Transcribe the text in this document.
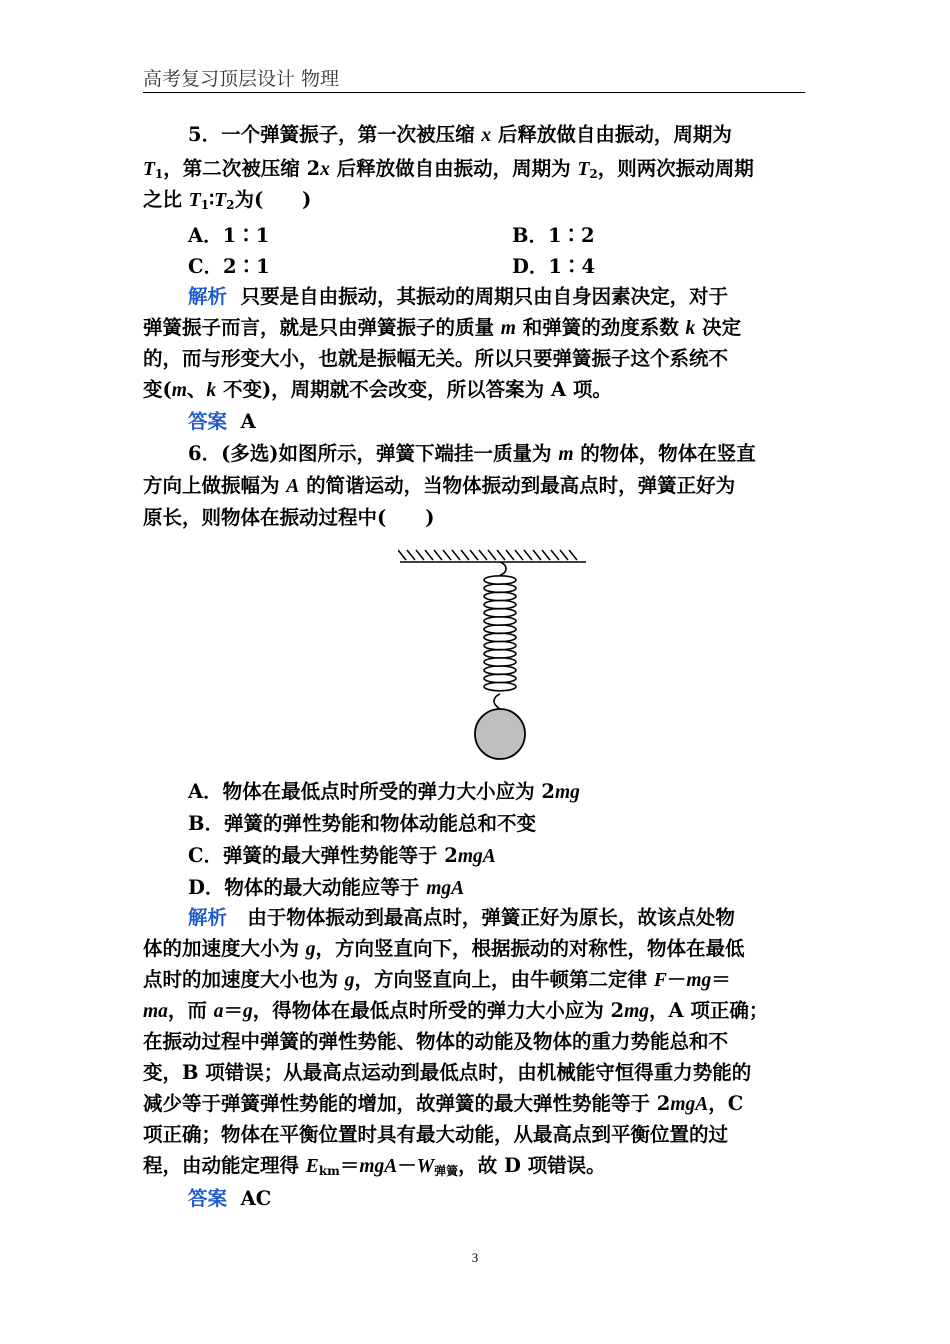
高考复习顶层设计 物理
5．一个弹簧振子，第一次被压缩 x 后释放做自由振动，周期为
$T_1$，第二次被压缩 2x 后释放做自由振动，周期为 $T_2$，则两次振动周期
之比 $T_1∶T_2$为(　　)
A．1∶1	B．1∶2
C．2∶1	D．1∶4
解析 只要是自由振动，其振动的周期只由自身因素决定，对于
弹簧振子而言，就是只由弹簧振子的质量 m 和弹簧的劲度系数 k 决定
的，而与形变大小，也就是振幅无关。所以只要弹簧振子这个系统不
变(m、k 不变)，周期就不会改变，所以答案为 A 项。
答案 A
6．(多选)如图所示，弹簧下端挂一质量为 m 的物体，物体在竖直
方向上做振幅为 A 的简谐运动，当物体振动到最高点时，弹簧正好为
原长，则物体在振动过程中(　　)
A．物体在最低点时所受的弹力大小应为 2mg
B．弹簧的弹性势能和物体动能总和不变
C．弹簧的最大弹性势能等于 2mgA
D．物体的最大动能应等于 mgA
解析 由于物体振动到最高点时，弹簧正好为原长，故该点处物
体的加速度大小为 g，方向竖直向下，根据振动的对称性，物体在最低
点时的加速度大小也为 g，方向竖直向上，由牛顿第二定律 F－mg＝
ma，而 a＝g，得物体在最低点时所受的弹力大小应为 2mg，A 项正确；
在振动过程中弹簧的弹性势能、物体的动能及物体的重力势能总和不
变，B 项错误；从最高点运动到最低点时，由机械能守恒得重力势能的
减少等于弹簧弹性势能的增加，故弹簧的最大弹性势能等于 2mgA，C
项正确；物体在平衡位置时具有最大动能，从最高点到平衡位置的过
程，由动能定理得 $E_{km}=mgA-W_{弹簧}$，故 D 项错误。
答案 AC
3
